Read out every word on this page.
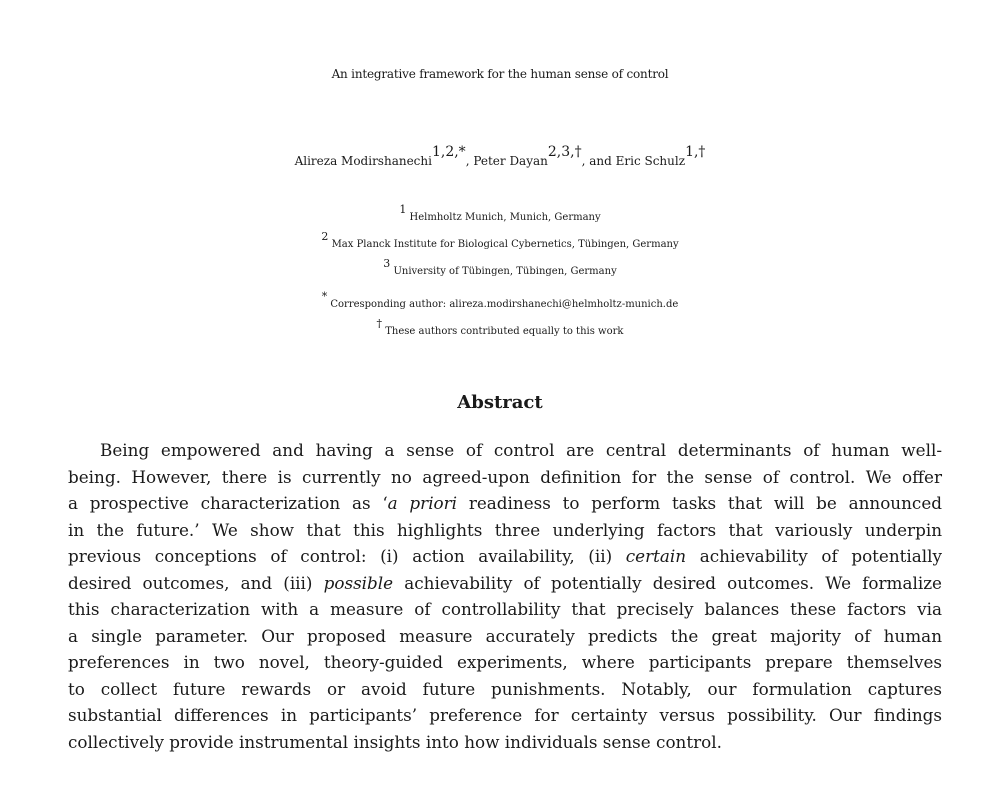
An integrative framework for the human sense of control
Alireza Modirshanechi$^{1,2,*}$, Peter Dayan$^{2,3,\dagger}$, and Eric Schulz$^{1,\dagger}$
$^1$ Helmholtz Munich, Munich, Germany
$^2$ Max Planck Institute for Biological Cybernetics, Tübingen, Germany
$^3$ University of Tübingen, Tübingen, Germany
* Corresponding author: alireza.modirshanechi@helmholtz-munich.de
† These authors contributed equally to this work
Abstract
Being empowered and having a sense of control are central determinants of human well-
being. However, there is currently no agreed-upon definition for the sense of control. We offer
a prospective characterization as ‘a priori readiness to perform tasks that will be announced
in the future.’ We show that this highlights three underlying factors that variously underpin
previous conceptions of control: (i) action availability, (ii) certain achievability of potentially
desired outcomes, and (iii) possible achievability of potentially desired outcomes. We formalize
this characterization with a measure of controllability that precisely balances these factors via
a single parameter. Our proposed measure accurately predicts the great majority of human
preferences in two novel, theory-guided experiments, where participants prepare themselves
to collect future rewards or avoid future punishments. Notably, our formulation captures
substantial differences in participants’ preference for certainty versus possibility. Our findings
collectively provide instrumental insights into how individuals sense control.
